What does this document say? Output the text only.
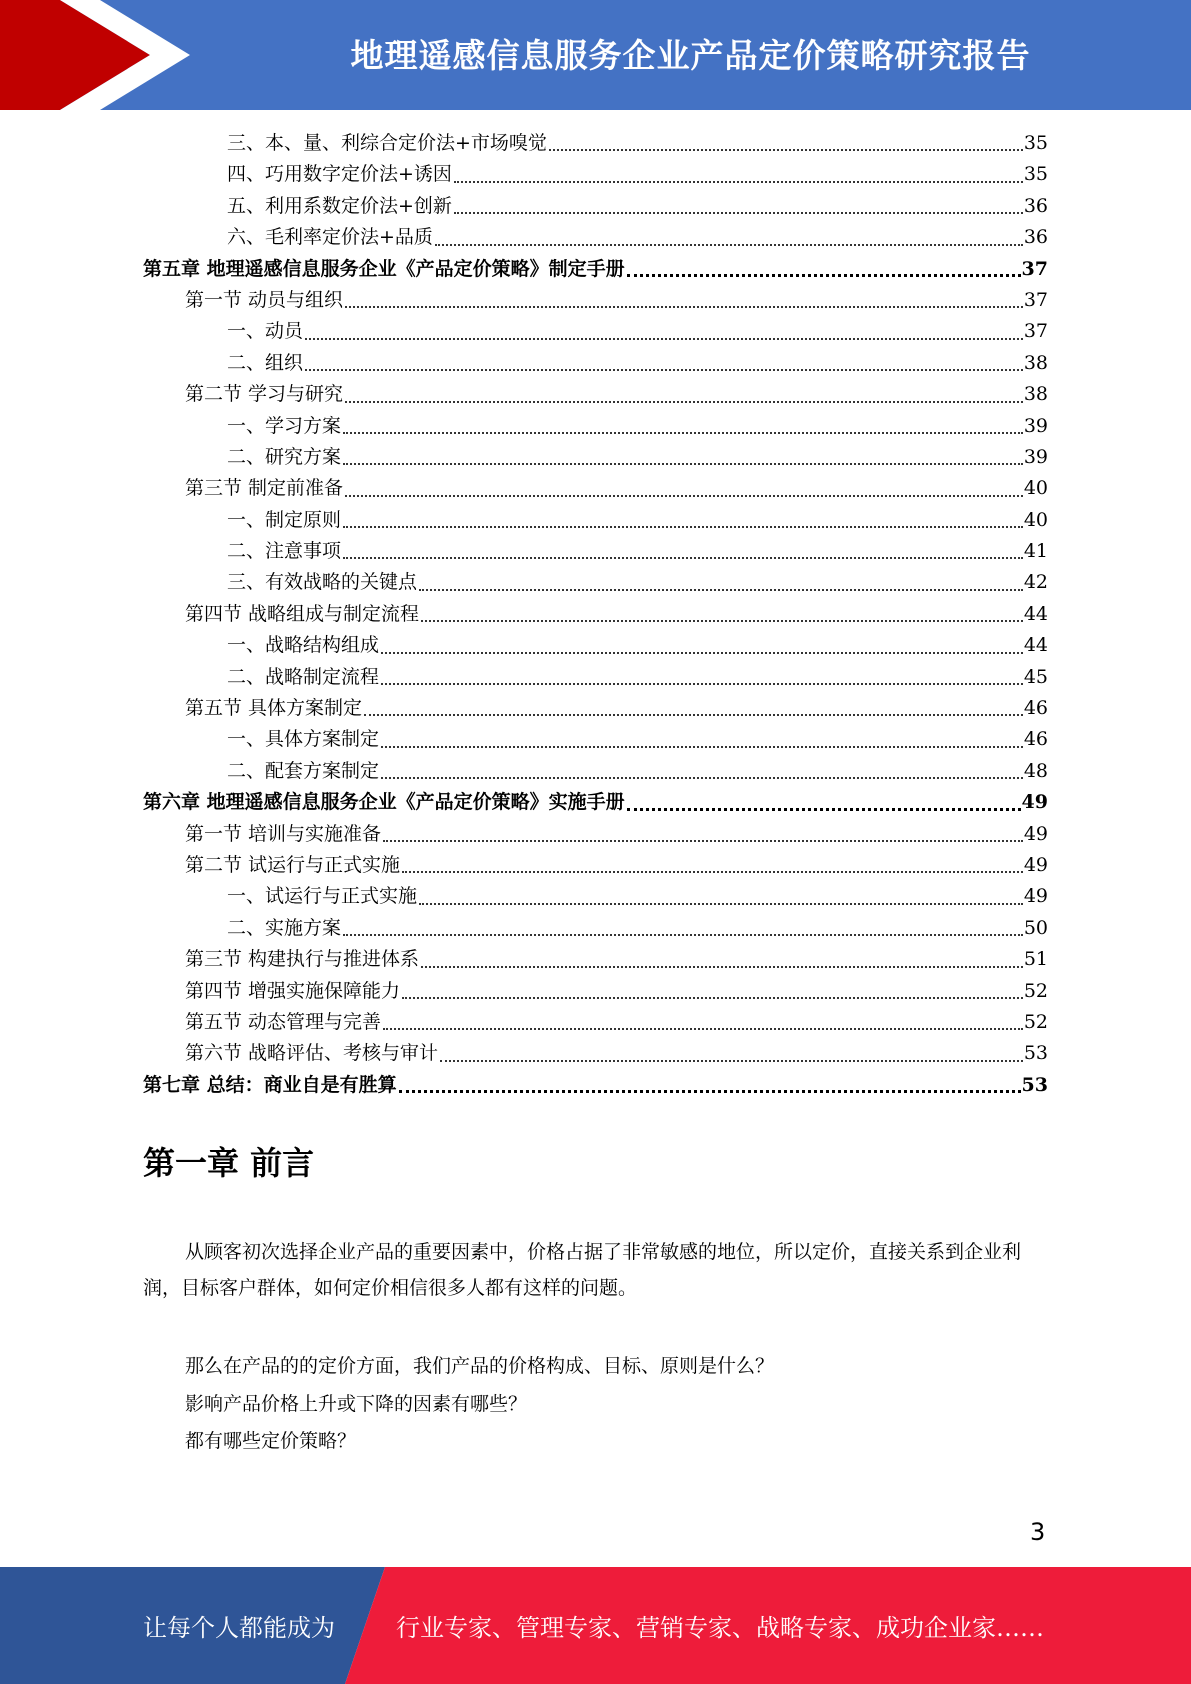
地理遥感信息服务企业产品定价策略研究报告
三、本、量、利综合定价法+市场嗅觉	35
四、巧用数字定价法+诱因	35
五、利用系数定价法+创新	36
六、毛利率定价法+品质	36
第五章 地理遥感信息服务企业《产品定价策略》制定手册	37
第一节 动员与组织	37
一、动员	37
二、组织	38
第二节 学习与研究	38
一、学习方案	39
二、研究方案	39
第三节 制定前准备	40
一、制定原则	40
二、注意事项	41
三、有效战略的关键点	42
第四节 战略组成与制定流程	44
一、战略结构组成	44
二、战略制定流程	45
第五节 具体方案制定	46
一、具体方案制定	46
二、配套方案制定	48
第六章 地理遥感信息服务企业《产品定价策略》实施手册	49
第一节 培训与实施准备	49
第二节 试运行与正式实施	49
一、试运行与正式实施	49
二、实施方案	50
第三节 构建执行与推进体系	51
第四节 增强实施保障能力	52
第五节 动态管理与完善	52
第六节 战略评估、考核与审计	53
第七章 总结：商业自是有胜算	53
第一章 前言

从顾客初次选择企业产品的重要因素中，价格占据了非常敏感的地位，所以定价，直接关系到企业利润，目标客户群体，如何定价相信很多人都有这样的问题。

那么在产品的的定价方面，我们产品的价格构成、目标、原则是什么？
影响产品价格上升或下降的因素有哪些？
都有哪些定价策略？
3
让每个人都能成为	行业专家、管理专家、营销专家、战略专家、成功企业家……
